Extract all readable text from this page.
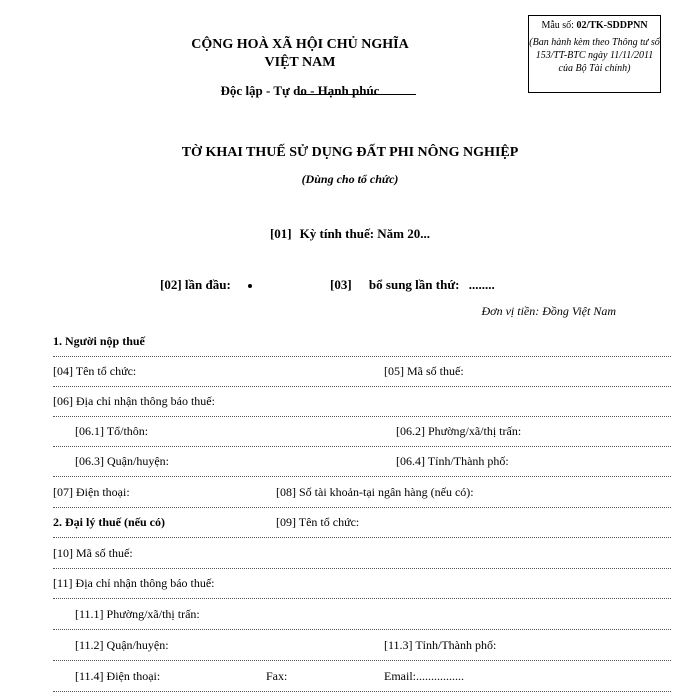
CỘNG HOÀ XÃ HỘI CHỦ NGHĨA VIỆT NAM
Độc lập - Tự do - Hạnh phúc
Mẫu số: 02/TK-SDDPNN
(Ban hành kèm theo Thông tư số
153/TT-BTC ngày 11/11/2011
của Bộ Tài chính)
TỜ KHAI THUẾ SỬ DỤNG ĐẤT PHI NÔNG NGHIỆP
(Dùng cho tổ chức)
[01] Kỳ tính thuế: Năm 20...
[02] lần đầu:	[03] bổ sung lần thứ: ........
Đơn vị tiền: Đồng Việt Nam
1. Người nộp thuế
[04] Tên tổ chức:	[05] Mã số thuế:
[06] Địa chỉ nhận thông báo thuế:
[06.1] Tổ/thôn:	[06.2] Phường/xã/thị trấn:
[06.3] Quận/huyện:	[06.4] Tỉnh/Thành phố:
[07] Điện thoại:	[08] Số tài khoản-tại ngân hàng (nếu có):
2. Đại lý thuế (nếu có)	[09] Tên tổ chức:
[10] Mã số thuế:
[11] Địa chỉ nhận thông báo thuế:
[11.1] Phường/xã/thị trấn:
[11.2] Quận/huyện:	[11.3] Tỉnh/Thành phố:
[11.4] Điện thoại:	Fax:	Email:................
